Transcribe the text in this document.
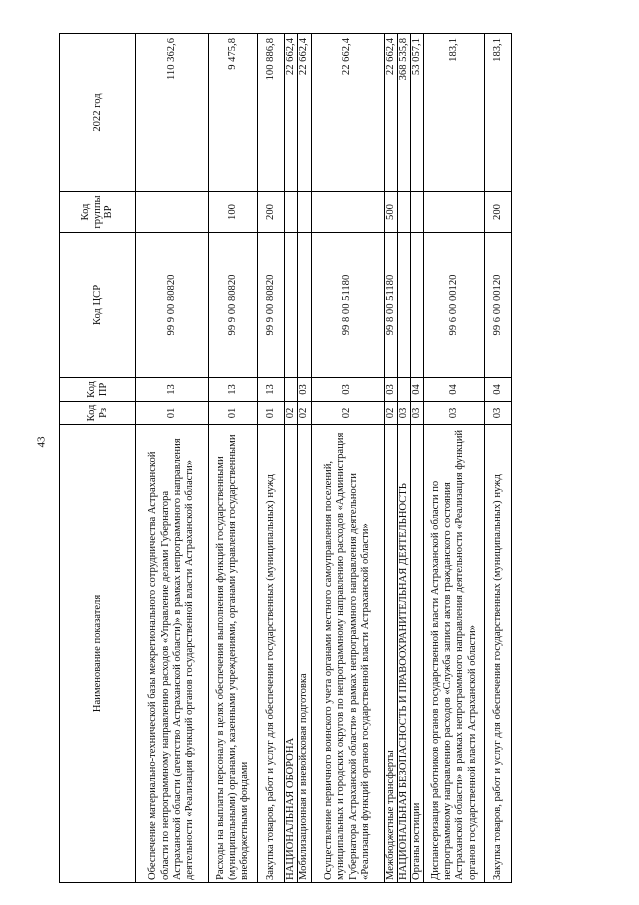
43
Наименование показателя	Код Рз	Код ПР	Код ЦСР	Код группы ВР	2022 год
Обеспечение материально-технической базы межрегионального сотрудничества Астраханской области по непрограммному направлению расходов «Управление делами Губернатора Астраханской области (агентство Астраханской области)» в рамках непрограммного направления деятельности «Реализация функций органов государственной власти Астраханской области»	01	13	99 9 00 80820		110 362,6
Расходы на выплаты персоналу в целях обеспечения выполнения функций государственными (муниципальными) органами, казенными учреждениями, органами управления государственными внебюджетными фондами	01	13	99 9 00 80820	100	9 475,8
Закупка товаров, работ и услуг для обеспечения государственных (муниципальных) нужд	01	13	99 9 00 80820	200	100 886,8
НАЦИОНАЛЬНАЯ ОБОРОНА	02				22 662,4
Мобилизационная и вневойсковая подготовка	02	03			22 662,4
Осуществление первичного воинского учета органами местного самоуправления поселений, муниципальных и городских округов по непрограммному направлению расходов «Администрация Губернатора Астраханской области» в рамках непрограммного направления деятельности «Реализация функций органов государственной власти Астраханской области»	02	03	99 8 00 51180		22 662,4
Межбюджетные трансферты	02	03	99 8 00 51180	500	22 662,4
НАЦИОНАЛЬНАЯ БЕЗОПАСНОСТЬ И ПРАВООХРАНИТЕЛЬНАЯ ДЕЯТЕЛЬНОСТЬ	03				368 535,8
Органы юстиции	03	04			53 057,1
Диспансеризация работников органов государственной власти Астраханской области по непрограммному направлению расходов «Служба записи актов гражданского состояния Астраханской области» в рамках непрограммного направления деятельности «Реализация функций органов государственной власти Астраханской области»	03	04	99 6 00 00120		183,1
Закупка товаров, работ и услуг для обеспечения государственных (муниципальных) нужд	03	04	99 6 00 00120	200	183,1
